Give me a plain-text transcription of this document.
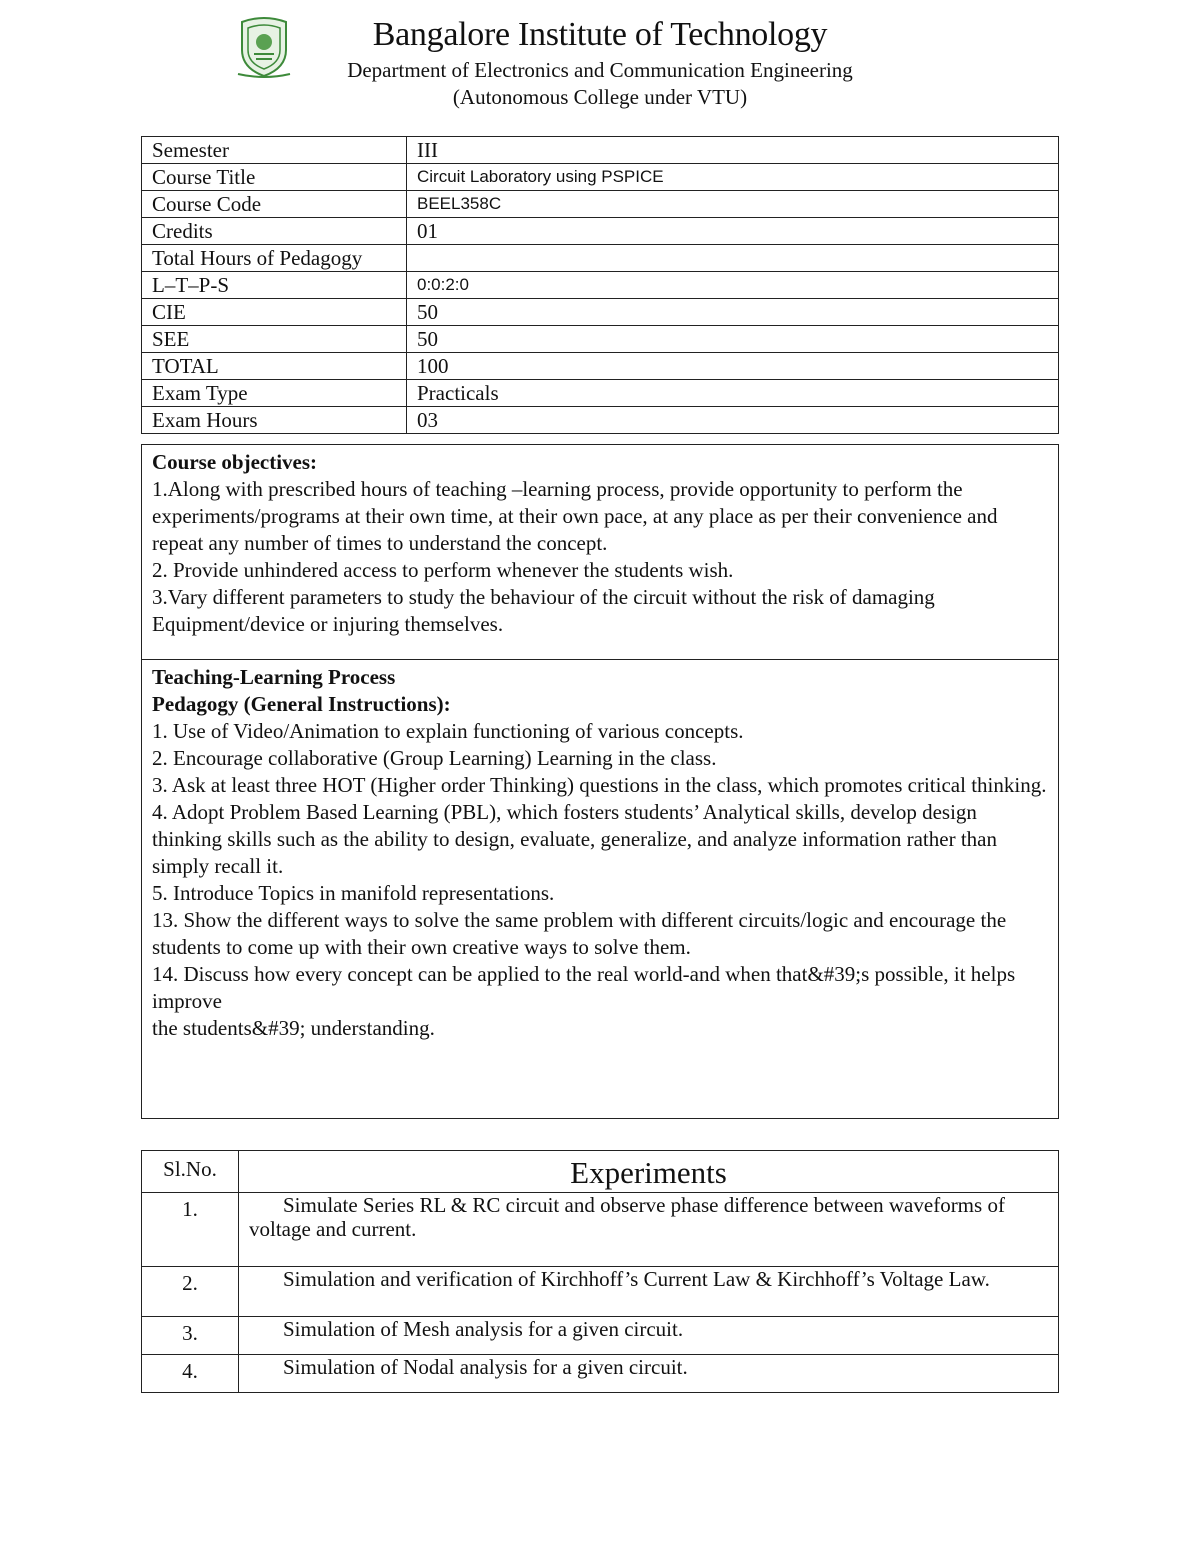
Bangalore Institute of Technology
Department of Electronics and Communication Engineering
(Autonomous College under VTU)
Semester	III
Course Title	Circuit Laboratory using PSPICE
Course Code	BEEL358C
Credits	01
Total Hours of Pedagogy	
L–T–P-S	0:0:2:0
CIE	50
SEE	50
TOTAL	100
Exam Type	Practicals
Exam Hours	03

Course objectives:

1.Along with prescribed hours of teaching –learning process, provide opportunity to perform the experiments/programs at their own time, at their own pace, at any place as per their convenience and repeat any number of times to understand the concept.

2. Provide unhindered access to perform whenever the students wish.

3.Vary different parameters to study the behaviour of the circuit without the risk of damaging Equipment/device or injuring themselves.

Teaching-Learning Process

Pedagogy (General Instructions):

1. Use of Video/Animation to explain functioning of various concepts.

2. Encourage collaborative (Group Learning) Learning in the class.

3. Ask at least three HOT (Higher order Thinking) questions in the class, which promotes critical thinking.

4. Adopt Problem Based Learning (PBL), which fosters students’ Analytical skills, develop design thinking skills such as the ability to design, evaluate, generalize, and analyze information rather than simply recall it.

5. Introduce Topics in manifold representations.

13. Show the different ways to solve the same problem with different circuits/logic and encourage the

students to come up with their own creative ways to solve them.

14. Discuss how every concept can be applied to the real world-and when that&#39;s possible, it helps improve

the students&#39; understanding.

Sl.No.	Experiments
1.	Simulate Series RL & RC circuit and observe phase difference between waveforms of
voltage and current.

2.	Simulation and verification of Kirchhoff’s Current Law & Kirchhoff’s Voltage Law.

3.	Simulation of Mesh analysis for a given circuit.

4.	Simulation of Nodal analysis for a given circuit.
